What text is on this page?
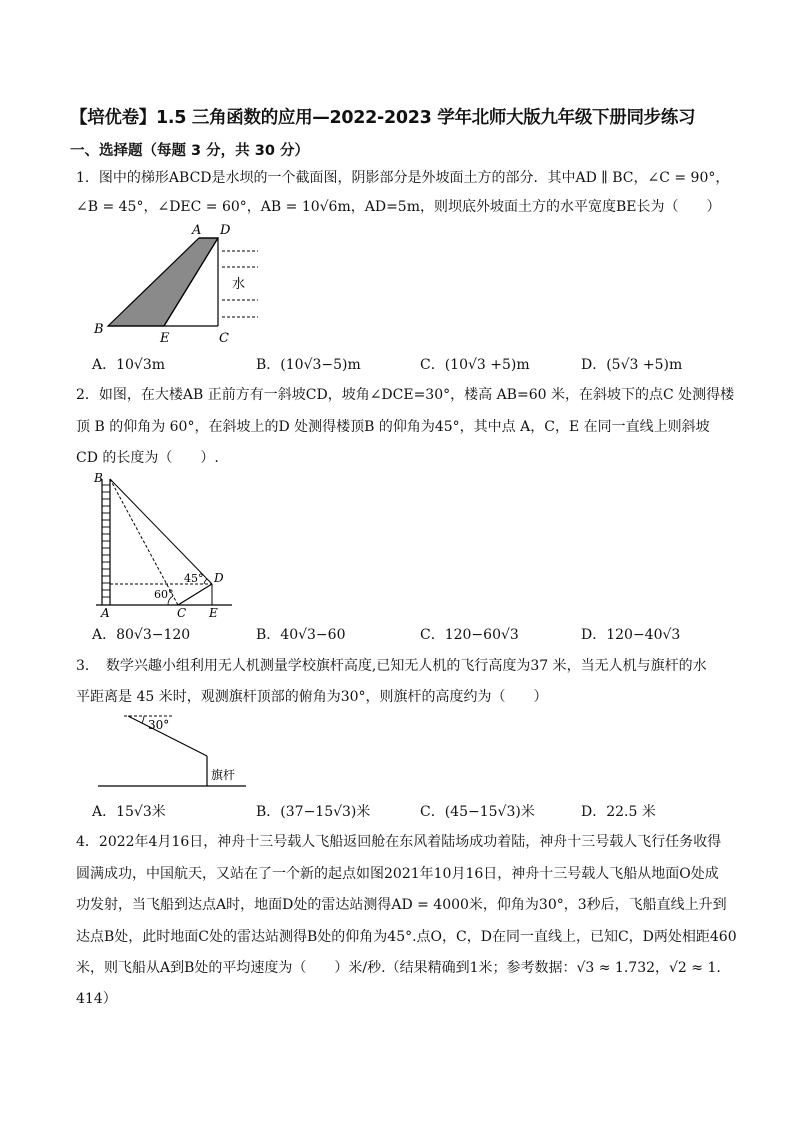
【培优卷】1.5 三角函数的应用—2022-2023 学年北师大版九年级下册同步练习
一、选择题（每题 3 分，共 30 分）
1．图中的梯形ABCD是水坝的一个截面图，阴影部分是外坡面土方的部分．其中AD ∥ BC，∠C = 90°，
∠B = 45°，∠DEC = 60°，AB = 10√6m，AD=5m，则坝底外坡面土方的水平宽度BE长为（　　）
A D
B
E	C
水
A．10√3m	B．(10√3−5)m	C．(10√3 +5)m	D．(5√3 +5)m
2．如图，在大楼AB 正前方有一斜坡CD，坡角∠DCE=30°，楼高 AB=60 米，在斜坡下的点C 处测得楼
顶 B 的仰角为 60°，在斜坡上的D 处测得楼顶B 的仰角为45°，其中点 A，C，E 在同一直线上则斜坡
CD 的长度为（　　）.
B
A	C
D
E
45°
60°
A．80√3−120	B．40√3−60	C．120−60√3	D．120−40√3
3．　数学兴趣小组利用无人机测量学校旗杆高度,已知无人机的飞行高度为37 米，当无人机与旗杆的水
平距离是 45 米时，观测旗杆顶部的俯角为30°，则旗杆的高度约为（　　）
30°
旗杆
A．15√3米	B．(37−15√3)米	C．(45−15√3)米	D．22.5 米
4．2022年4月16日，神舟十三号载人飞船返回舱在东风着陆场成功着陆，神舟十三号载人飞行任务收得
圆满成功，中国航天，又站在了一个新的起点如图2021年10月16日，神舟十三号载人飞船从地面O处成
功发射，当飞船到达点A时，地面D处的雷达站测得AD = 4000米，仰角为30°，3秒后，飞船直线上升到
达点B处，此时地面C处的雷达站测得B处的仰角为45°.点O，C，D在同一直线上，已知C，D两处相距460
米，则飞船从A到B处的平均速度为（　　）米/秒.（结果精确到1米；参考数据：√3 ≈ 1.732，√2 ≈ 1.
414）
